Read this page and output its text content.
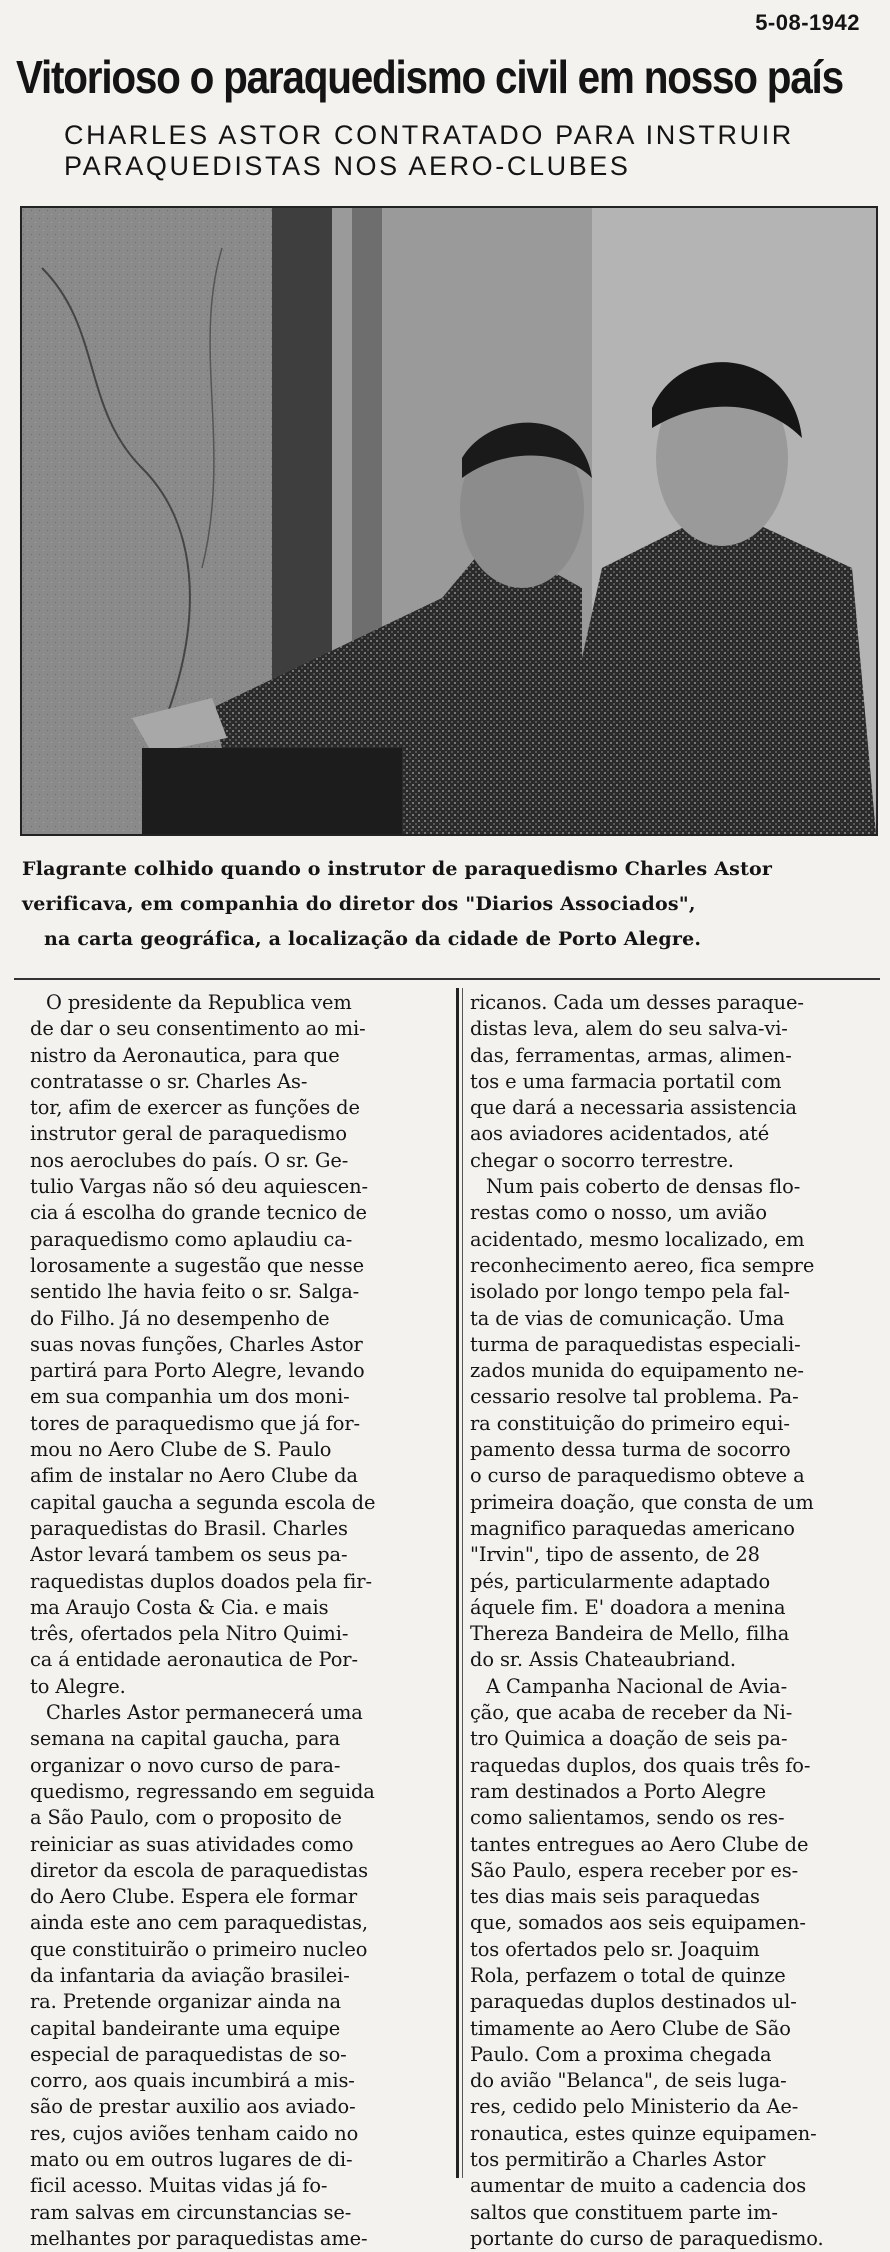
5-08-1942
Vitorioso o paraquedismo civil em nosso país
CHARLES ASTOR CONTRATADO PARA INSTRUIR
PARAQUEDISTAS NOS AERO-CLUBES
Flagrante colhido quando o instrutor de paraquedismo Charles Astor
verificava, em companhia do diretor dos "Diarios Associados",
na carta geográfica, a localização da cidade de Porto Alegre.
O presidente da Republica vem
de dar o seu consentimento ao mi-
nistro da Aeronautica, para que
contratasse o sr. Charles As-
tor, afim de exercer as funções de
instrutor geral de paraquedismo
nos aeroclubes do país. O sr. Ge-
tulio Vargas não só deu aquiescen-
cia á escolha do grande tecnico de
paraquedismo como aplaudiu ca-
lorosamente a sugestão que nesse
sentido lhe havia feito o sr. Salga-
do Filho. Já no desempenho de
suas novas funções, Charles Astor
partirá para Porto Alegre, levando
em sua companhia um dos moni-
tores de paraquedismo que já for-
mou no Aero Clube de S. Paulo
afim de instalar no Aero Clube da
capital gaucha a segunda escola de
paraquedistas do Brasil. Charles
Astor levará tambem os seus pa-
raquedistas duplos doados pela fir-
ma Araujo Costa & Cia. e mais
três, ofertados pela Nitro Quimi-
ca á entidade aeronautica de Por-
to Alegre.
Charles Astor permanecerá uma
semana na capital gaucha, para
organizar o novo curso de para-
quedismo, regressando em seguida
a São Paulo, com o proposito de
reiniciar as suas atividades como
diretor da escola de paraquedistas
do Aero Clube. Espera ele formar
ainda este ano cem paraquedistas,
que constituirão o primeiro nucleo
da infantaria da aviação brasilei-
ra. Pretende organizar ainda na
capital bandeirante uma equipe
especial de paraquedistas de so-
corro, aos quais incumbirá a mis-
são de prestar auxilio aos aviado-
res, cujos aviões tenham caido no
mato ou em outros lugares de di-
ficil acesso. Muitas vidas já fo-
ram salvas em circunstancias se-
melhantes por paraquedistas ame-
ricanos. Cada um desses paraque-
distas leva, alem do seu salva-vi-
das, ferramentas, armas, alimen-
tos e uma farmacia portatil com
que dará a necessaria assistencia
aos aviadores acidentados, até
chegar o socorro terrestre.
Num pais coberto de densas flo-
restas como o nosso, um avião
acidentado, mesmo localizado, em
reconhecimento aereo, fica sempre
isolado por longo tempo pela fal-
ta de vias de comunicação. Uma
turma de paraquedistas especiali-
zados munida do equipamento ne-
cessario resolve tal problema. Pa-
ra constituição do primeiro equi-
pamento dessa turma de socorro
o curso de paraquedismo obteve a
primeira doação, que consta de um
magnifico paraquedas americano
"Irvin", tipo de assento, de 28
pés, particularmente adaptado
áquele fim. E' doadora a menina
Thereza Bandeira de Mello, filha
do sr. Assis Chateaubriand.
A Campanha Nacional de Avia-
ção, que acaba de receber da Ni-
tro Quimica a doação de seis pa-
raquedas duplos, dos quais três fo-
ram destinados a Porto Alegre
como salientamos, sendo os res-
tantes entregues ao Aero Clube de
São Paulo, espera receber por es-
tes dias mais seis paraquedas
que, somados aos seis equipamen-
tos ofertados pelo sr. Joaquim
Rola, perfazem o total de quinze
paraquedas duplos destinados ul-
timamente ao Aero Clube de São
Paulo. Com a proxima chegada
do avião "Belanca", de seis luga-
res, cedido pelo Ministerio da Ae-
ronautica, estes quinze equipamen-
tos permitirão a Charles Astor
aumentar de muito a cadencia dos
saltos que constituem parte im-
portante do curso de paraquedismo.
